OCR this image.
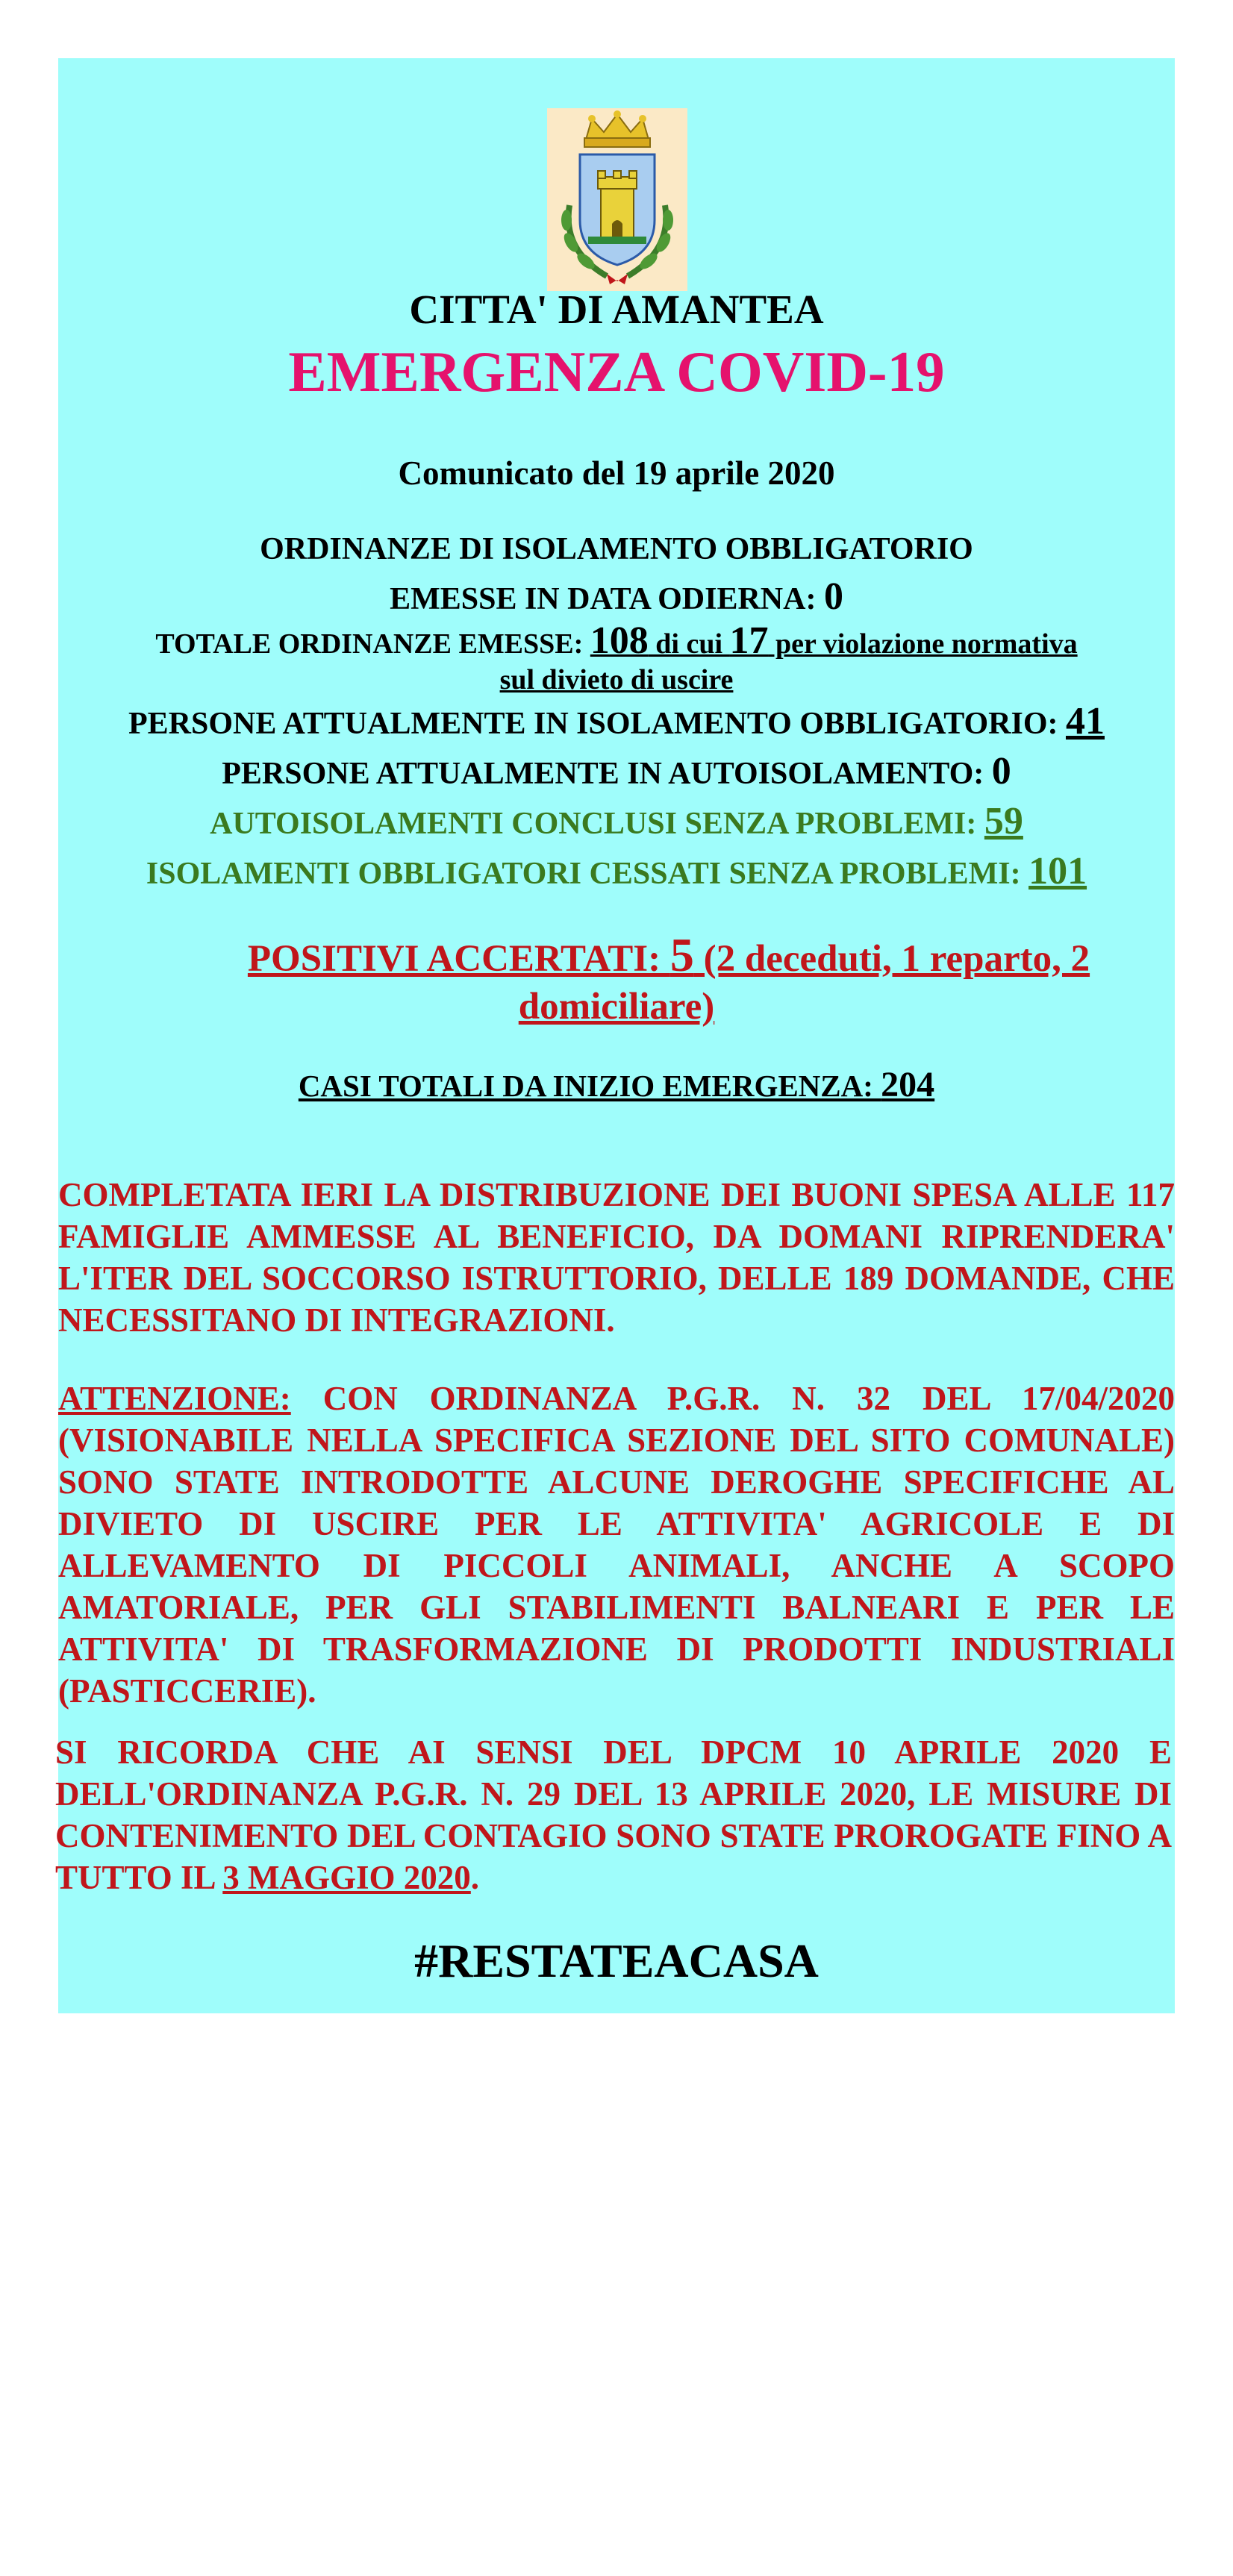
CITTA' DI AMANTEA
EMERGENZA COVID-19
Comunicato del 19 aprile 2020
ORDINANZE DI ISOLAMENTO OBBLIGATORIO
EMESSE IN DATA ODIERNA: 0
TOTALE ORDINANZE EMESSE: 108 di cui 17 per violazione normativa
sul divieto di uscire
PERSONE ATTUALMENTE IN ISOLAMENTO OBBLIGATORIO: 41
PERSONE ATTUALMENTE IN AUTOISOLAMENTO: 0
AUTOISOLAMENTI CONCLUSI SENZA PROBLEMI: 59
ISOLAMENTI OBBLIGATORI CESSATI SENZA PROBLEMI: 101
POSITIVI ACCERTATI: 5 (2 deceduti, 1 reparto, 2
domiciliare)
CASI TOTALI DA INIZIO EMERGENZA: 204
COMPLETATA IERI LA DISTRIBUZIONE DEI BUONI SPESA ALLE 117 FAMIGLIE AMMESSE AL BENEFICIO, DA DOMANI RIPRENDERA' L'ITER DEL SOCCORSO ISTRUTTORIO, DELLE 189 DOMANDE, CHE NECESSITANO DI INTEGRAZIONI.
ATTENZIONE: CON ORDINANZA P.G.R. N. 32 DEL 17/04/2020 (VISIONABILE NELLA SPECIFICA SEZIONE DEL SITO COMUNALE) SONO STATE INTRODOTTE ALCUNE DEROGHE SPECIFICHE AL DIVIETO DI USCIRE PER LE ATTIVITA' AGRICOLE E DI ALLEVAMENTO DI PICCOLI ANIMALI, ANCHE A SCOPO AMATORIALE, PER GLI STABILIMENTI BALNEARI E PER LE ATTIVITA' DI TRASFORMAZIONE DI PRODOTTI INDUSTRIALI (PASTICCERIE).
SI RICORDA CHE AI SENSI DEL DPCM 10 APRILE 2020 E DELL'ORDINANZA P.G.R. N. 29 DEL 13 APRILE 2020, LE MISURE DI CONTENIMENTO DEL CONTAGIO SONO STATE PROROGATE FINO A TUTTO IL 3 MAGGIO 2020.
#RESTATEACASA
